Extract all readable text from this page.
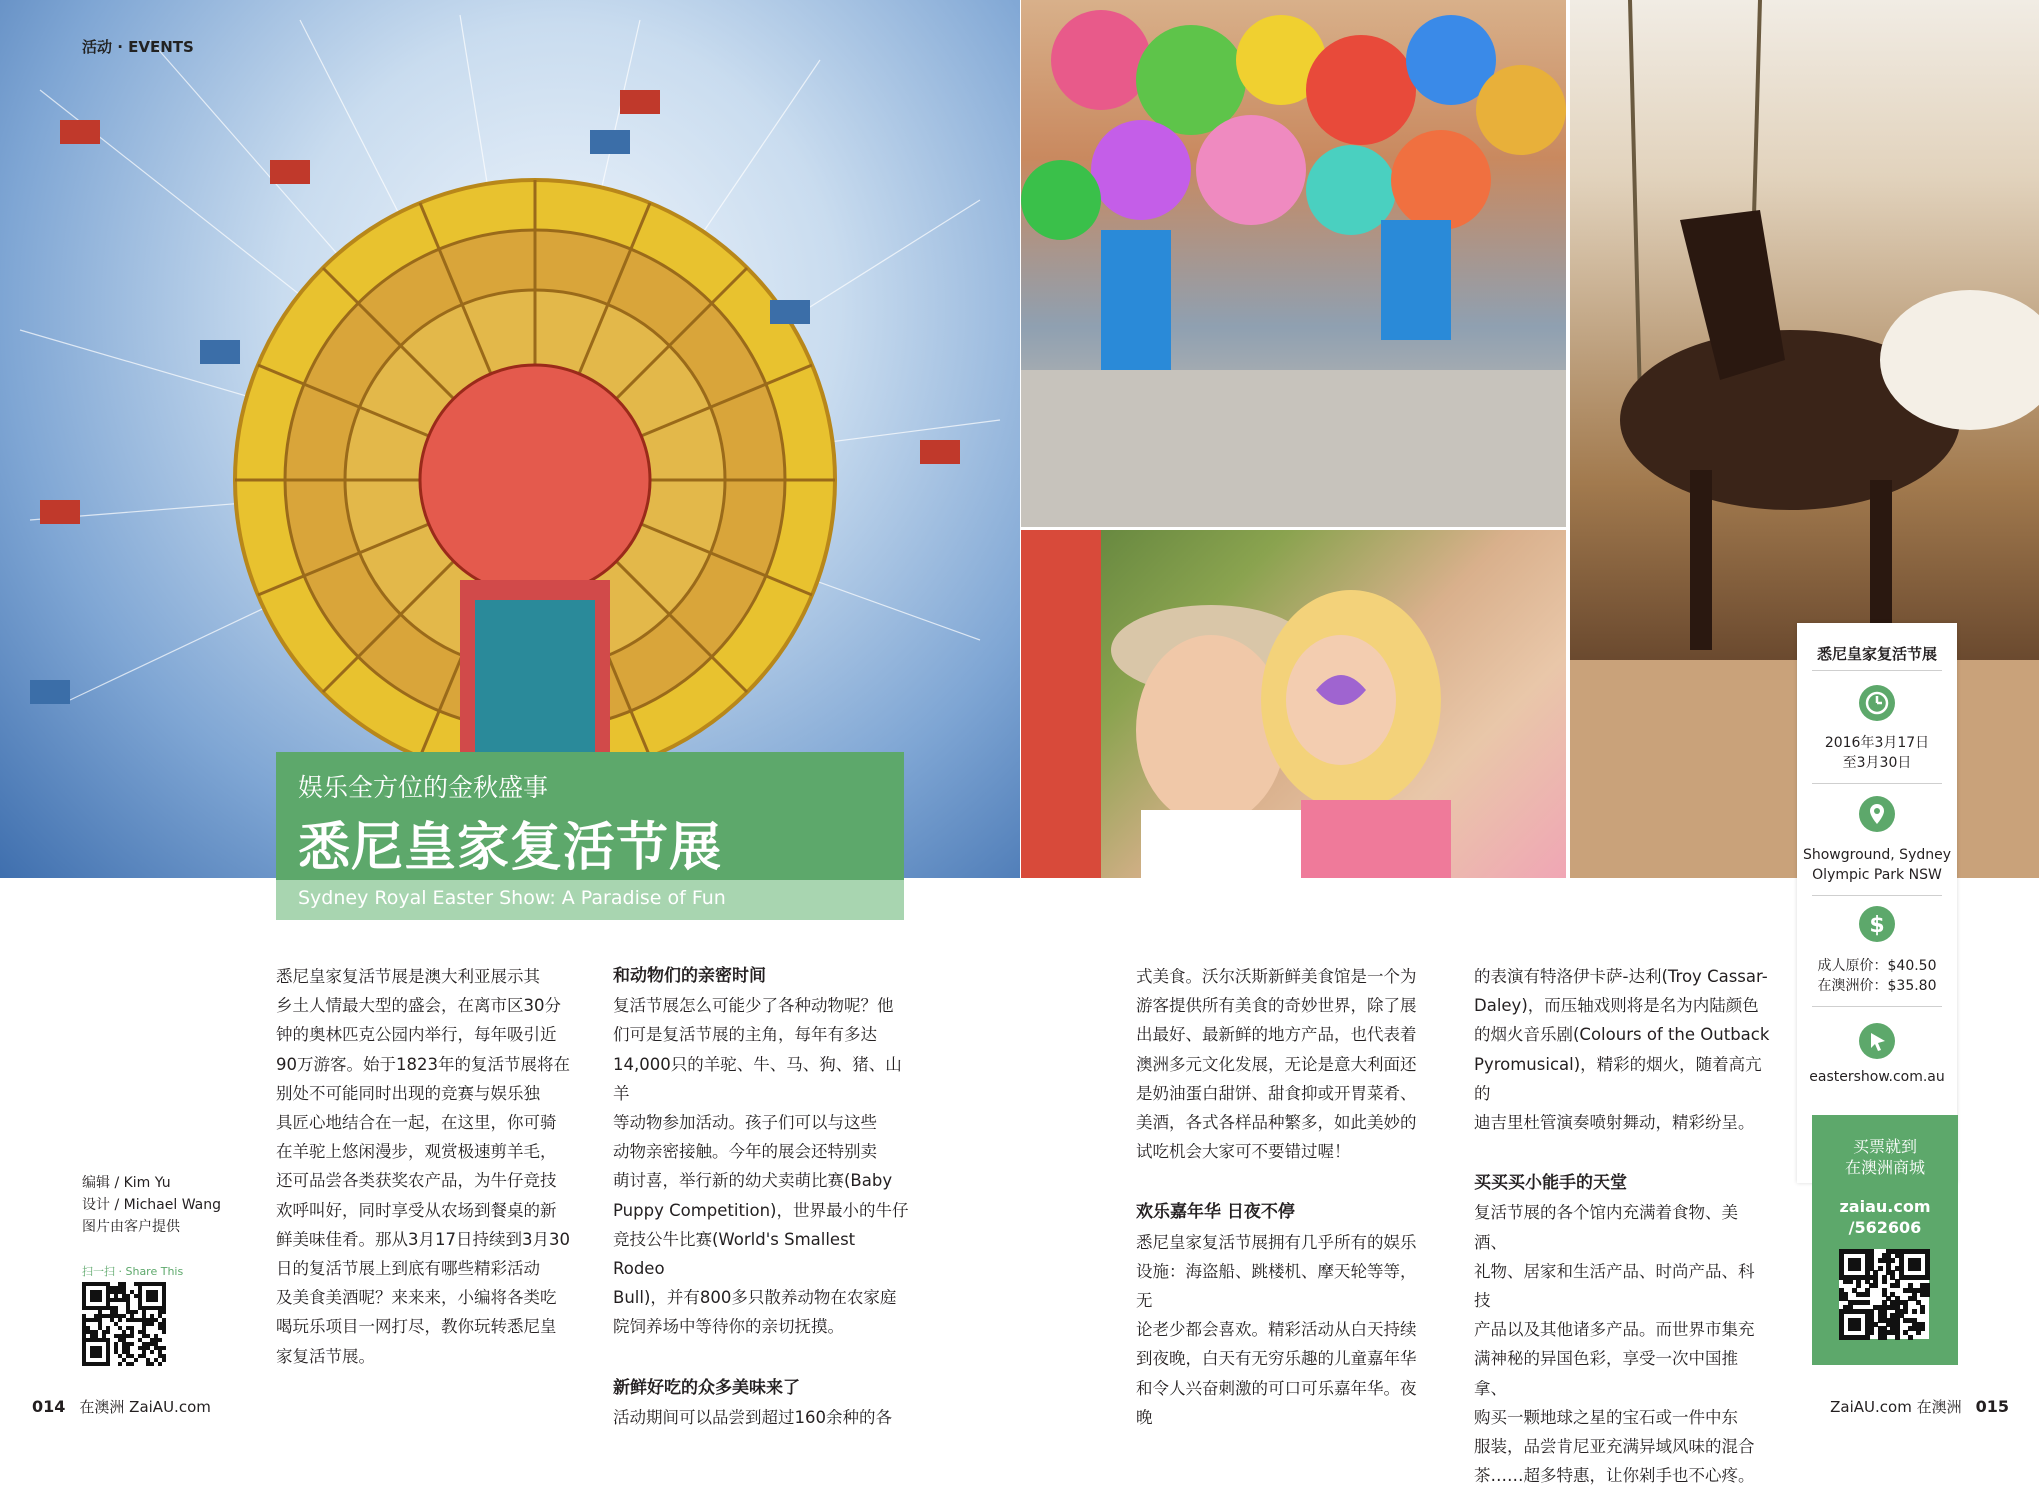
活动 · EVENTS
娱乐全方位的金秋盛事
悉尼皇家复活节展
Sydney Royal Easter Show: A Paradise of Fun

悉尼皇家复活节展是澳大利亚展示其
乡土人情最大型的盛会，在离市区30分
钟的奥林匹克公园内举行，每年吸引近
90万游客。始于1823年的复活节展将在
别处不可能同时出现的竞赛与娱乐独
具匠心地结合在一起，在这里，你可骑
在羊驼上悠闲漫步，观赏极速剪羊毛，
还可品尝各类获奖农产品，为牛仔竞技
欢呼叫好，同时享受从农场到餐桌的新
鲜美味佳肴。那从3月17日持续到3月30
日的复活节展上到底有哪些精彩活动
及美食美酒呢？来来来，小编将各类吃
喝玩乐项目一网打尽，教你玩转悉尼皇
家复活节展。

和动物们的亲密时间

复活节展怎么可能少了各种动物呢？他
们可是复活节展的主角，每年有多达
14,000只的羊驼、牛、马、狗、猪、山羊
等动物参加活动。孩子们可以与这些
动物亲密接触。今年的展会还特别卖
萌讨喜，举行新的幼犬卖萌比赛(Baby
Puppy Competition)，世界最小的牛仔
竞技公牛比赛(World's Smallest Rodeo
Bull)，并有800多只散养动物在农家庭
院饲养场中等待你的亲切抚摸。

新鲜好吃的众多美味来了

活动期间可以品尝到超过160余种的各

式美食。沃尔沃斯新鲜美食馆是一个为
游客提供所有美食的奇妙世界，除了展
出最好、最新鲜的地方产品，也代表着
澳洲多元文化发展，无论是意大利面还
是奶油蛋白甜饼、甜食抑或开胃菜肴、
美酒，各式各样品种繁多，如此美妙的
试吃机会大家可不要错过喔！

欢乐嘉年华 日夜不停

悉尼皇家复活节展拥有几乎所有的娱乐
设施：海盗船、跳楼机、摩天轮等等，无
论老少都会喜欢。精彩活动从白天持续
到夜晚，白天有无穷乐趣的儿童嘉年华
和令人兴奋刺激的可口可乐嘉年华。夜晚

的表演有特洛伊卡萨-达利(Troy Cassar-
Daley)，而压轴戏则将是名为内陆颜色
的烟火音乐剧(Colours of the Outback
Pyromusical)，精彩的烟火，随着高亢的
迪吉里杜管演奏喷射舞动，精彩纷呈。

买买买小能手的天堂

复活节展的各个馆内充满着食物、美酒、
礼物、居家和生活产品、时尚产品、科技
产品以及其他诸多产品。而世界市集充
满神秘的异国色彩，享受一次中国推拿、
购买一颗地球之星的宝石或一件中东
服装，品尝肯尼亚充满异域风味的混合
茶……超多特惠，让你剁手也不心疼。

编辑 / Kim Yu
设计 / Michael Wang
图片由客户提供
扫一扫 · Share This
悉尼皇家复活节展
2016年3月17日
至3月30日
Showground, Sydney
Olympic Park NSW
$
成人原价：$40.50
在澳洲价：$35.80
eastershow.com.au
买票就到
在澳洲商城
zaiau.com
/562606
014 在澳洲 ZaiAU.com	ZaiAU.com 在澳洲 015
